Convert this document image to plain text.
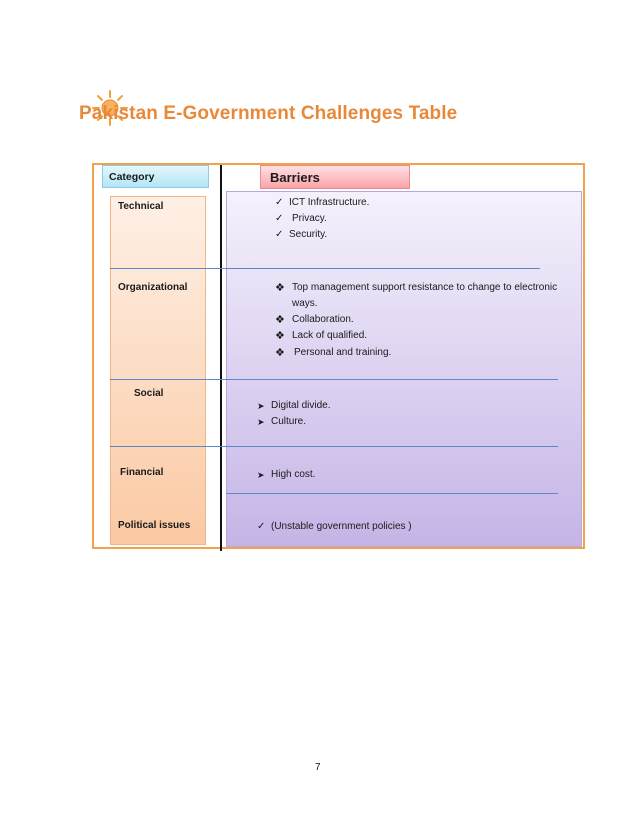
Pakistan E-Government Challenges Table
Category	Barriers
Technical
Organizational
Social
Financial
Political issues
✓ ICT Infrastructure.
✓ Privacy.
✓ Security.
❖ Top management support resistance to change to electronic
ways.
❖ Collaboration.
❖ Lack of qualified.
❖ Personal and training.
➤ Digital divide.
➤ Culture.
➤ High cost.
✓ (Unstable government policies )
7
